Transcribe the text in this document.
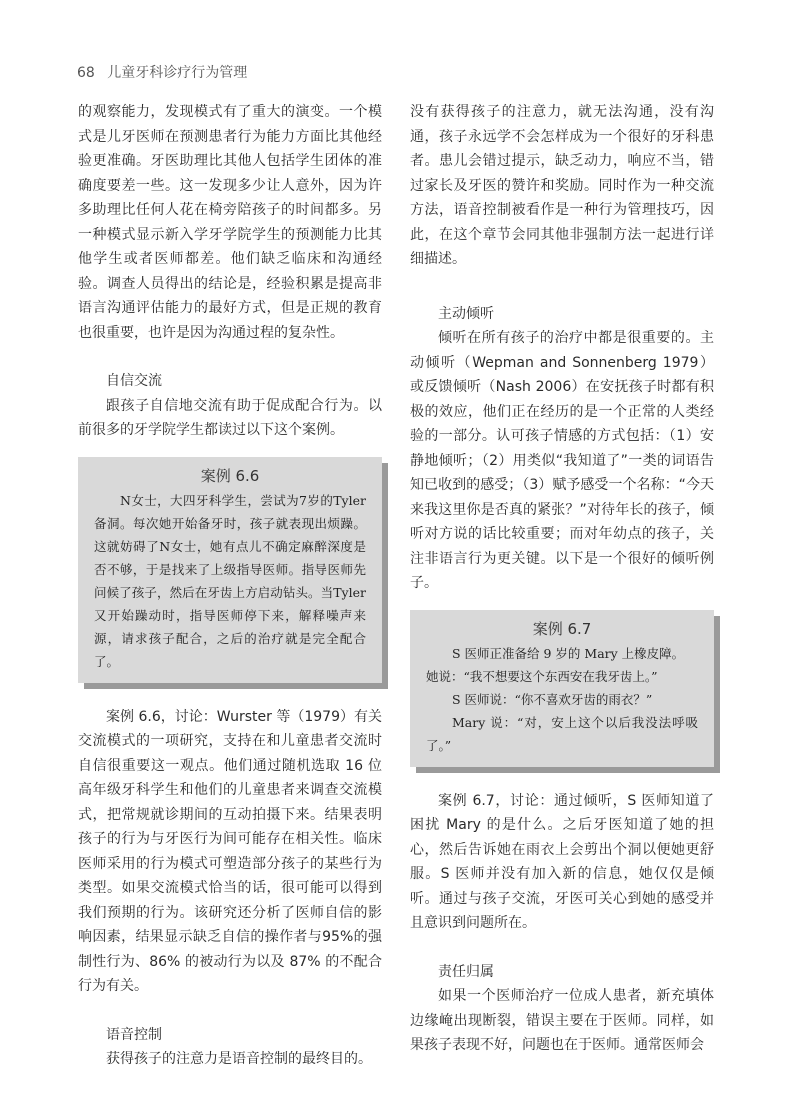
68 儿童牙科诊疗行为管理

的观察能力，发现模式有了重大的演变。一个模式是儿牙医师在预测患者行为能力方面比其他经验更准确。牙医助理比其他人包括学生团体的准确度要差一些。这一发现多少让人意外，因为许多助理比任何人花在椅旁陪孩子的时间都多。另一种模式显示新入学牙学院学生的预测能力比其他学生或者医师都差。他们缺乏临床和沟通经验。调查人员得出的结论是，经验积累是提高非语言沟通评估能力的最好方式，但是正规的教育也很重要，也许是因为沟通过程的复杂性。

自信交流

跟孩子自信地交流有助于促成配合行为。以前很多的牙学院学生都读过以下这个案例。

案例 6.6
N女士，大四牙科学生，尝试为7岁的Tyler备洞。每次她开始备牙时，孩子就表现出烦躁。这就妨碍了N女士，她有点儿不确定麻醉深度是否不够，于是找来了上级指导医师。指导医师先问候了孩子，然后在牙齿上方启动钻头。当Tyler又开始躁动时，指导医师停下来，解释噪声来源，请求孩子配合，之后的治疗就是完全配合了。

案例 6.6，讨论：Wurster 等（1979）有关交流模式的一项研究，支持在和儿童患者交流时自信很重要这一观点。他们通过随机选取 16 位高年级牙科学生和他们的儿童患者来调查交流模式，把常规就诊期间的互动拍摄下来。结果表明孩子的行为与牙医行为间可能存在相关性。临床医师采用的行为模式可塑造部分孩子的某些行为类型。如果交流模式恰当的话，很可能可以得到我们预期的行为。该研究还分析了医师自信的影响因素，结果显示缺乏自信的操作者与95%的强制性行为、86% 的被动行为以及 87% 的不配合行为有关。

语音控制

获得孩子的注意力是语音控制的最终目的。

没有获得孩子的注意力，就无法沟通，没有沟通，孩子永远学不会怎样成为一个很好的牙科患者。患儿会错过提示，缺乏动力，响应不当，错过家长及牙医的赞许和奖励。同时作为一种交流方法，语音控制被看作是一种行为管理技巧，因此，在这个章节会同其他非强制方法一起进行详细描述。

主动倾听

倾听在所有孩子的治疗中都是很重要的。主动倾听（Wepman and Sonnenberg 1979）或反馈倾听（Nash 2006）在安抚孩子时都有积极的效应，他们正在经历的是一个正常的人类经验的一部分。认可孩子情感的方式包括：（1）安静地倾听；（2）用类似“我知道了”一类的词语告知已收到的感受；（3）赋予感受一个名称：“今天来我这里你是否真的紧张？”对待年长的孩子，倾听对方说的话比较重要；而对年幼点的孩子，关注非语言行为更关键。以下是一个很好的倾听例子。

案例 6.7
S 医师正准备给 9 岁的 Mary 上橡皮障。
她说：“我不想要这个东西安在我牙齿上。”
S 医师说：“你不喜欢牙齿的雨衣？”
Mary 说：“对，安上这个以后我没法呼吸了。”

案例 6.7，讨论：通过倾听，S 医师知道了困扰 Mary 的是什么。之后牙医知道了她的担心，然后告诉她在雨衣上会剪出个洞以便她更舒服。S 医师并没有加入新的信息，她仅仅是倾听。通过与孩子交流，牙医可关心到她的感受并且意识到问题所在。

责任归属

如果一个医师治疗一位成人患者，新充填体边缘崦出现断裂，错误主要在于医师。同样，如果孩子表现不好，问题也在于医师。通常医师会
